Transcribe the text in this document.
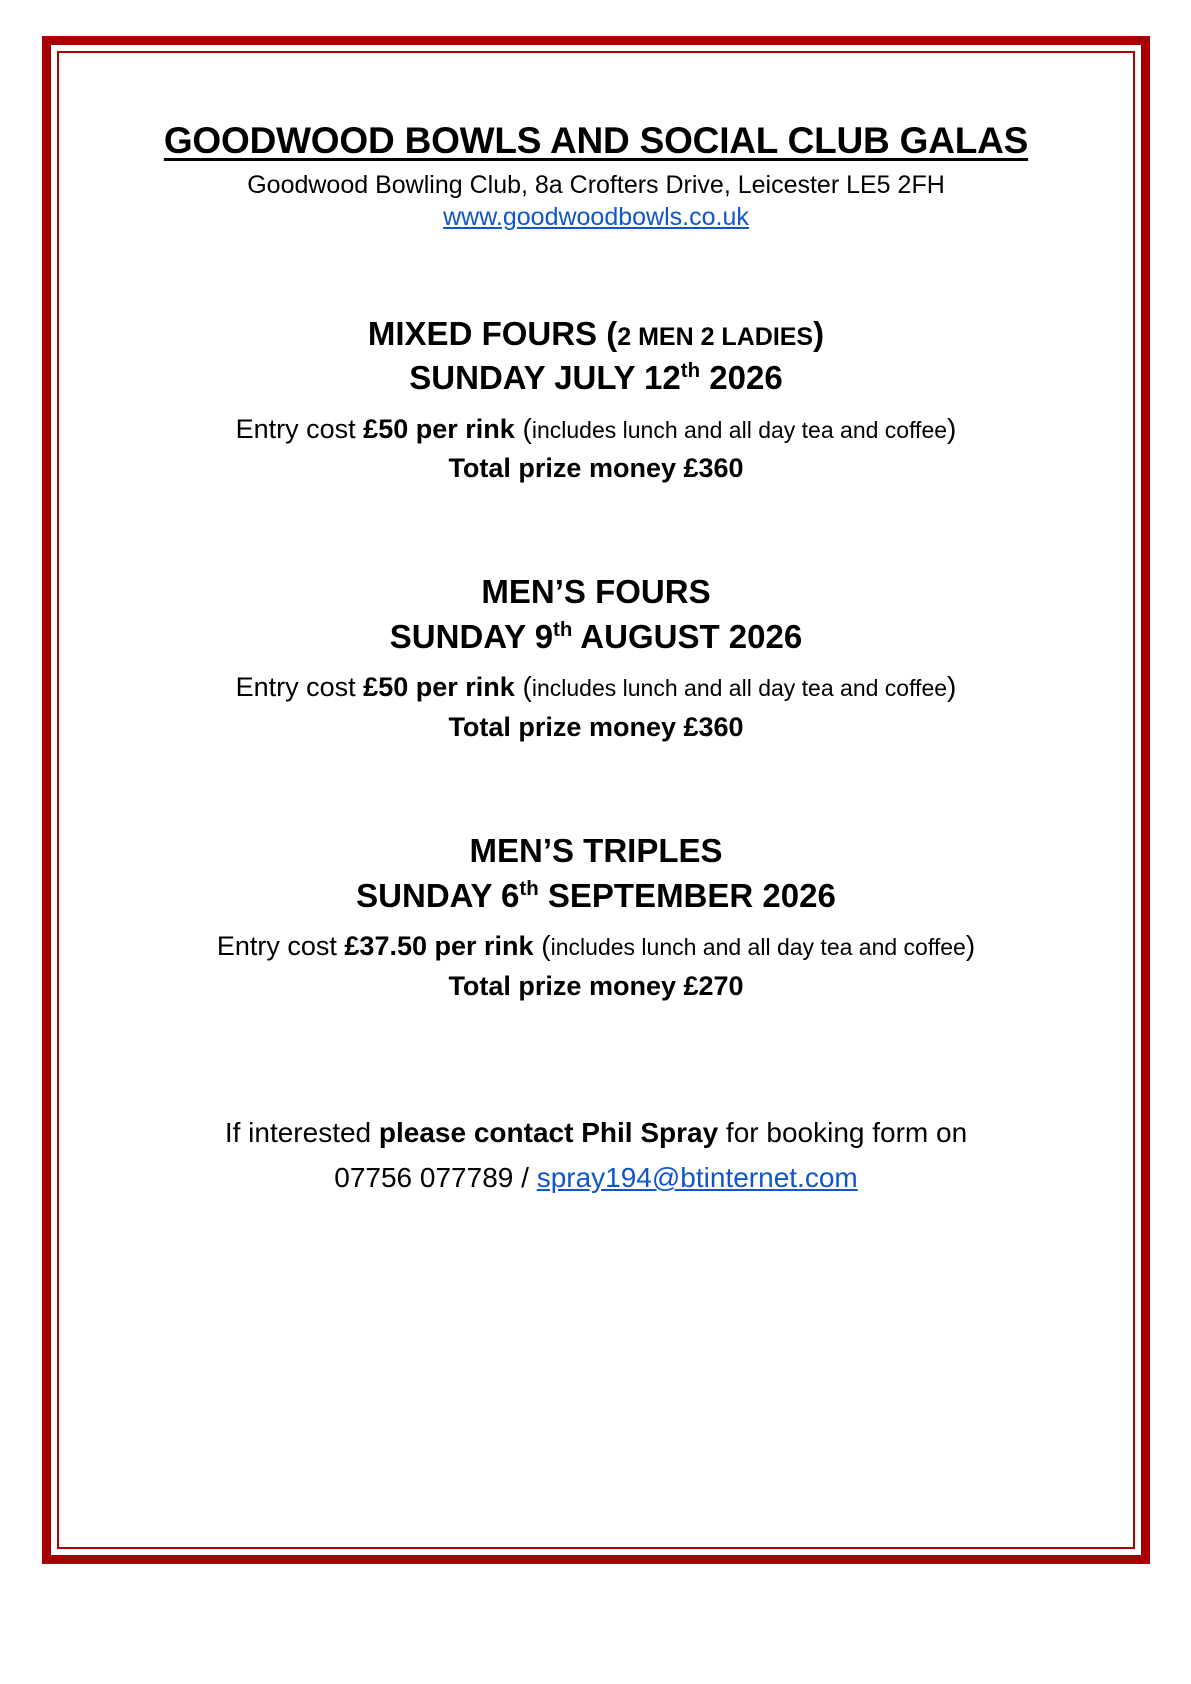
GOODWOOD BOWLS AND SOCIAL CLUB GALAS
Goodwood Bowling Club, 8a Crofters Drive, Leicester LE5 2FH
www.goodwoodbowls.co.uk
MIXED FOURS (2 MEN 2 LADIES)
SUNDAY JULY 12th 2026
Entry cost £50 per rink (includes lunch and all day tea and coffee)
Total prize money £360
MEN’S FOURS
SUNDAY 9th AUGUST 2026
Entry cost £50 per rink (includes lunch and all day tea and coffee)
Total prize money £360
MEN’S TRIPLES
SUNDAY 6th SEPTEMBER 2026
Entry cost £37.50 per rink (includes lunch and all day tea and coffee)
Total prize money £270
If interested please contact Phil Spray for booking form on
07756 077789 / spray194@btinternet.com
